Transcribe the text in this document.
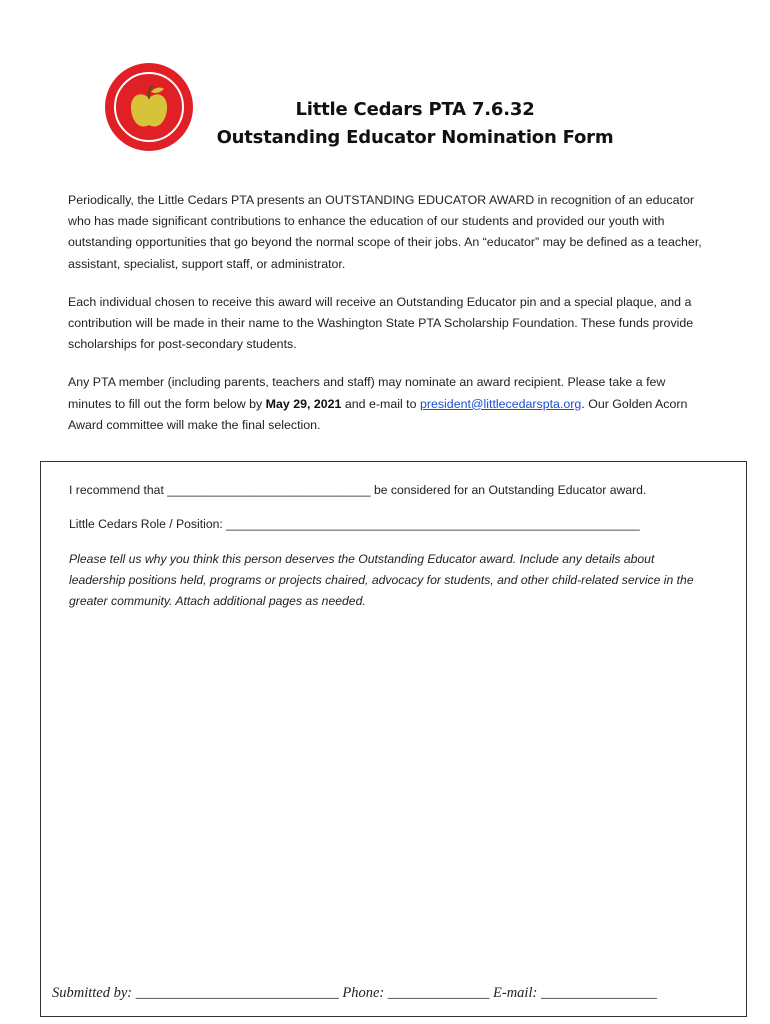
Little Cedars PTA 7.6.32
Outstanding Educator Nomination Form

Periodically, the Little Cedars PTA presents an OUTSTANDING EDUCATOR AWARD in recognition of an educator who has made significant contributions to enhance the education of our students and provided our youth with outstanding opportunities that go beyond the normal scope of their jobs. An “educator” may be defined as a teacher, assistant, specialist, support staff, or administrator.

Each individual chosen to receive this award will receive an Outstanding Educator pin and a special plaque, and a contribution will be made in their name to the Washington State PTA Scholarship Foundation. These funds provide scholarships for post-secondary students.

Any PTA member (including parents, teachers and staff) may nominate an award recipient. Please take a few minutes to fill out the form below by May 29, 2021 and e-mail to president@littlecedarspta.org. Our Golden Acorn Award committee will make the final selection.

I recommend that ______________________________ be considered for an Outstanding Educator award.
Little Cedars Role / Position: _____________________________________________________________
Please tell us why you think this person deserves the Outstanding Educator award. Include any details about leadership positions held, programs or projects chaired, advocacy for students, and other child-related service in the greater community. Attach additional pages as needed.
Submitted by: ____________________________ Phone: ______________ E-mail: ________________
